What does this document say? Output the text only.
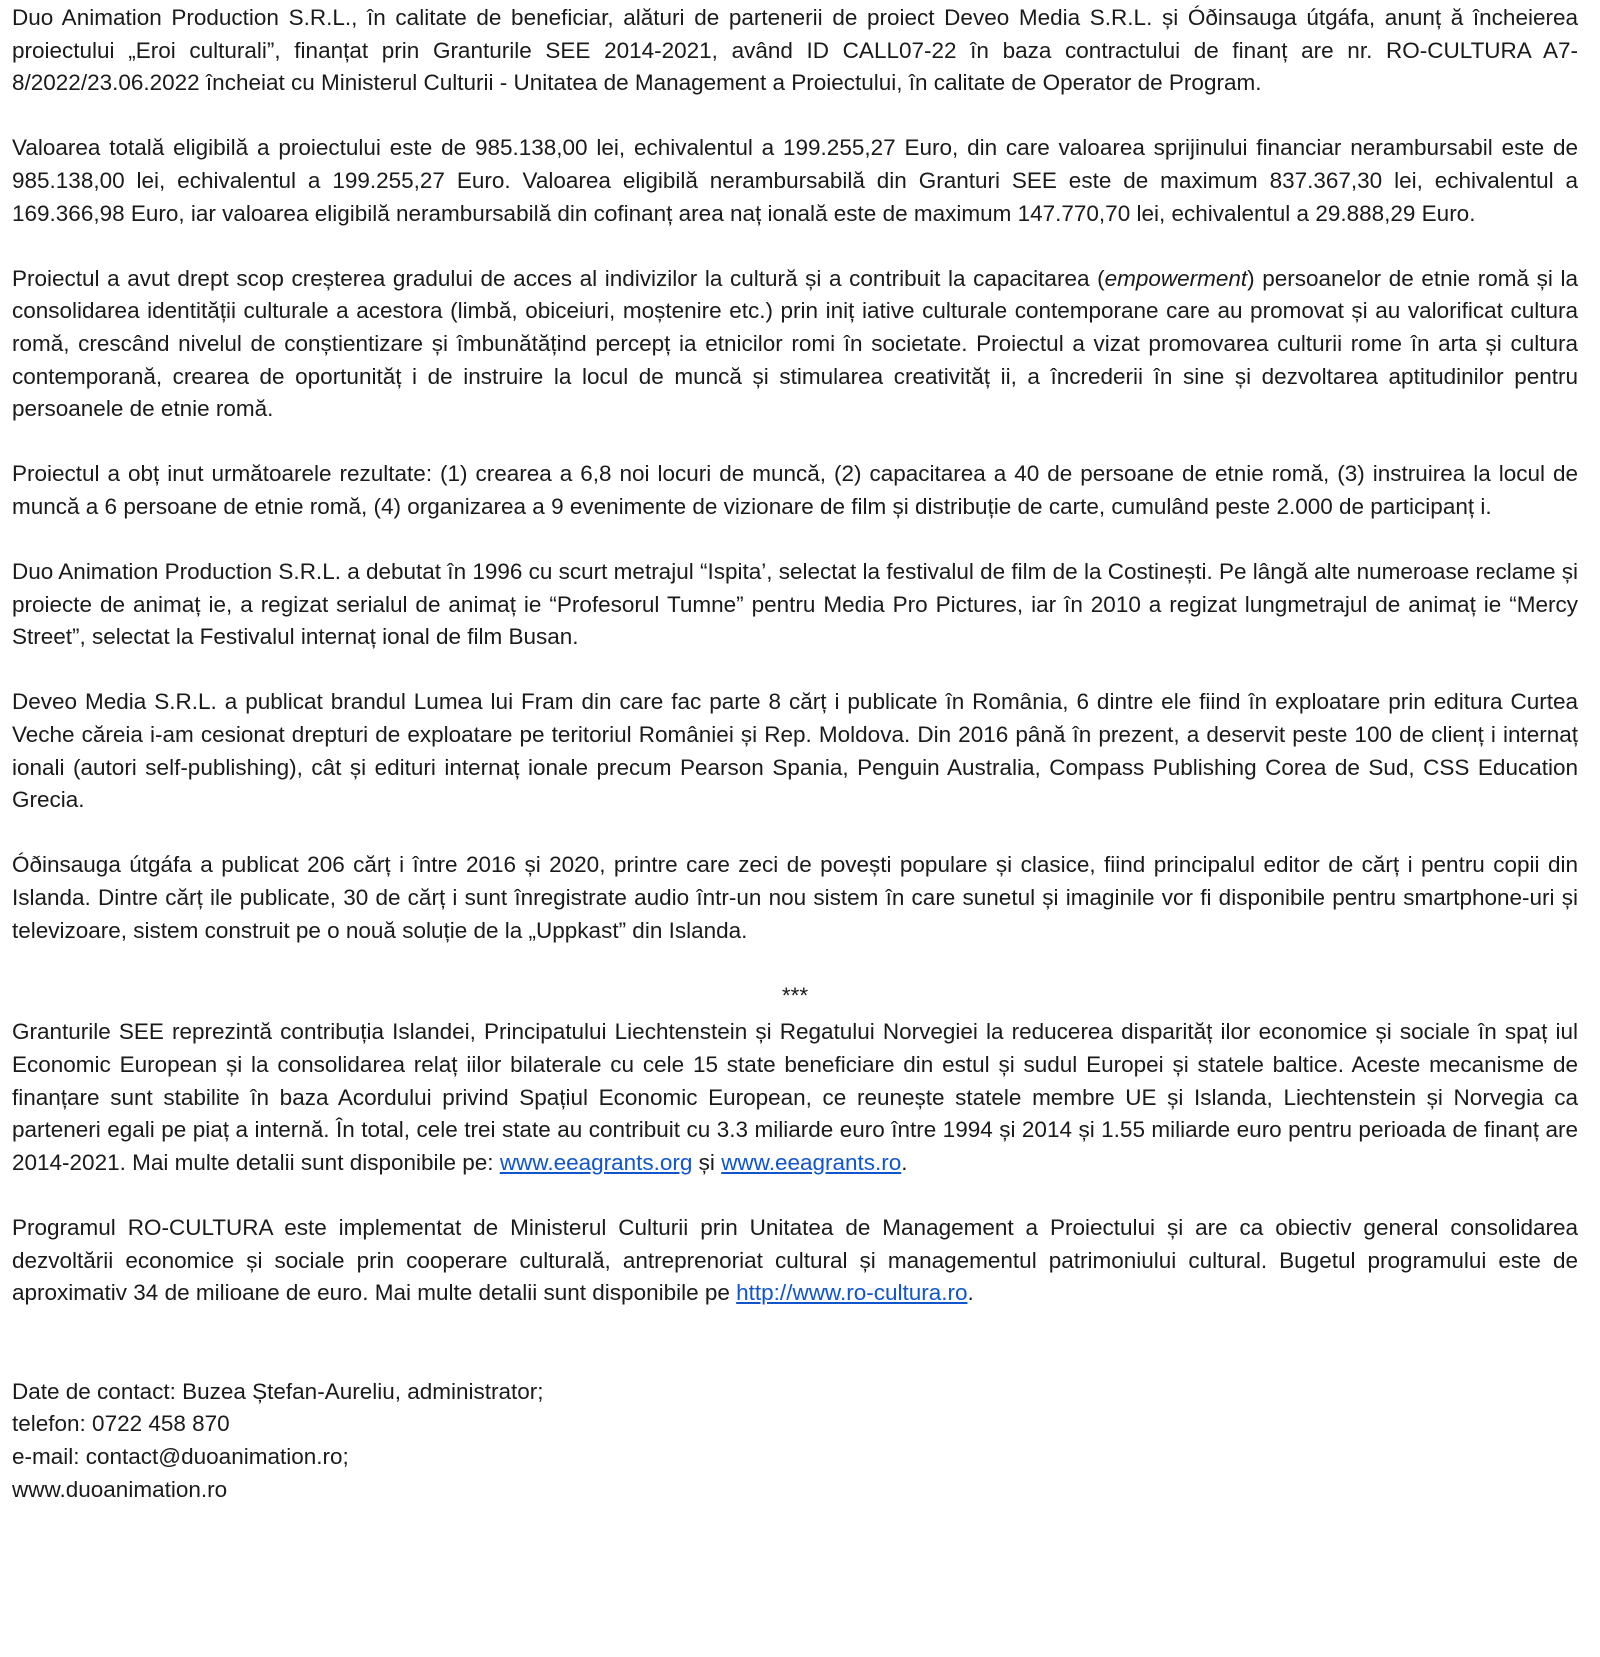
Duo Animation Production S.R.L., în calitate de beneficiar, alături de partenerii de proiect Deveo Media S.R.L. și Óðinsauga útgáfa, anunț ă încheierea proiectului „Eroi culturali”, finanțat prin Granturile SEE 2014-2021, având ID CALL07-22 în baza contractului de finanț are nr. RO-CULTURA A7-8/2022/23.06.2022 încheiat cu Ministerul Culturii - Unitatea de Management a Proiectului, în calitate de Operator de Program.

Valoarea totală eligibilă a proiectului este de 985.138,00 lei, echivalentul a 199.255,27 Euro, din care valoarea sprijinului financiar nerambursabil este de 985.138,00 lei, echivalentul a 199.255,27 Euro. Valoarea eligibilă nerambursabilă din Granturi SEE este de maximum 837.367,30 lei, echivalentul a 169.366,98 Euro, iar valoarea eligibilă nerambursabilă din cofinanț area naț ională este de maximum 147.770,70 lei, echivalentul a 29.888,29 Euro.

Proiectul a avut drept scop creșterea gradului de acces al indivizilor la cultură și a contribuit la capacitarea (empowerment) persoanelor de etnie romă și la consolidarea identității culturale a acestora (limbă, obiceiuri, moștenire etc.) prin iniț iative culturale contemporane care au promovat și au valorificat cultura romă, crescând nivelul de conștientizare și îmbunătățind percepț ia etnicilor romi în societate. Proiectul a vizat promovarea culturii rome în arta și cultura contemporană, crearea de oportunităț i de instruire la locul de muncă și stimularea creativităț ii, a încrederii în sine și dezvoltarea aptitudinilor pentru persoanele de etnie romă.

Proiectul a obț inut următoarele rezultate: (1) crearea a 6,8 noi locuri de muncă, (2) capacitarea a 40 de persoane de etnie romă, (3) instruirea la locul de muncă a 6 persoane de etnie romă, (4) organizarea a 9 evenimente de vizionare de film și distribuție de carte, cumulând peste 2.000 de participanț i.

Duo Animation Production S.R.L. a debutat în 1996 cu scurt metrajul “Ispita’, selectat la festivalul de film de la Costinești. Pe lângă alte numeroase reclame și proiecte de animaț ie, a regizat serialul de animaț ie “Profesorul Tumne” pentru Media Pro Pictures, iar în 2010 a regizat lungmetrajul de animaț ie “Mercy Street”, selectat la Festivalul internaț ional de film Busan.

Deveo Media S.R.L. a publicat brandul Lumea lui Fram din care fac parte 8 cărț i publicate în România, 6 dintre ele fiind în exploatare prin editura Curtea Veche căreia i-am cesionat drepturi de exploatare pe teritoriul României și Rep. Moldova. Din 2016 până în prezent, a deservit peste 100 de clienț i internaț ionali (autori self-publishing), cât și edituri internaț ionale precum Pearson Spania, Penguin Australia, Compass Publishing Corea de Sud, CSS Education Grecia.

Óðinsauga útgáfa a publicat 206 cărț i între 2016 și 2020, printre care zeci de povești populare și clasice, fiind principalul editor de cărț i pentru copii din Islanda. Dintre cărț ile publicate, 30 de cărț i sunt înregistrate audio într-un nou sistem în care sunetul și imaginile vor fi disponibile pentru smartphone-uri și televizoare, sistem construit pe o nouă soluție de la „Uppkast” din Islanda.

***

Granturile SEE reprezintă contribuția Islandei, Principatului Liechtenstein și Regatului Norvegiei la reducerea disparităț ilor economice și sociale în spaț iul Economic European și la consolidarea relaț iilor bilaterale cu cele 15 state beneficiare din estul și sudul Europei și statele baltice. Aceste mecanisme de finanțare sunt stabilite în baza Acordului privind Spațiul Economic European, ce reunește statele membre UE și Islanda, Liechtenstein și Norvegia ca parteneri egali pe piaț a internă. În total, cele trei state au contribuit cu 3.3 miliarde euro între 1994 și 2014 și 1.55 miliarde euro pentru perioada de finanț are 2014-2021. Mai multe detalii sunt disponibile pe: www.eeagrants.org și www.eeagrants.ro.

Programul RO-CULTURA este implementat de Ministerul Culturii prin Unitatea de Management a Proiectului și are ca obiectiv general consolidarea dezvoltării economice și sociale prin cooperare culturală, antreprenoriat cultural și managementul patrimoniului cultural. Bugetul programului este de aproximativ 34 de milioane de euro. Mai multe detalii sunt disponibile pe http://www.ro-cultura.ro.

Date de contact: Buzea Ștefan-Aureliu, administrator;
telefon: 0722 458 870
e-mail: contact@duoanimation.ro;
www.duoanimation.ro
